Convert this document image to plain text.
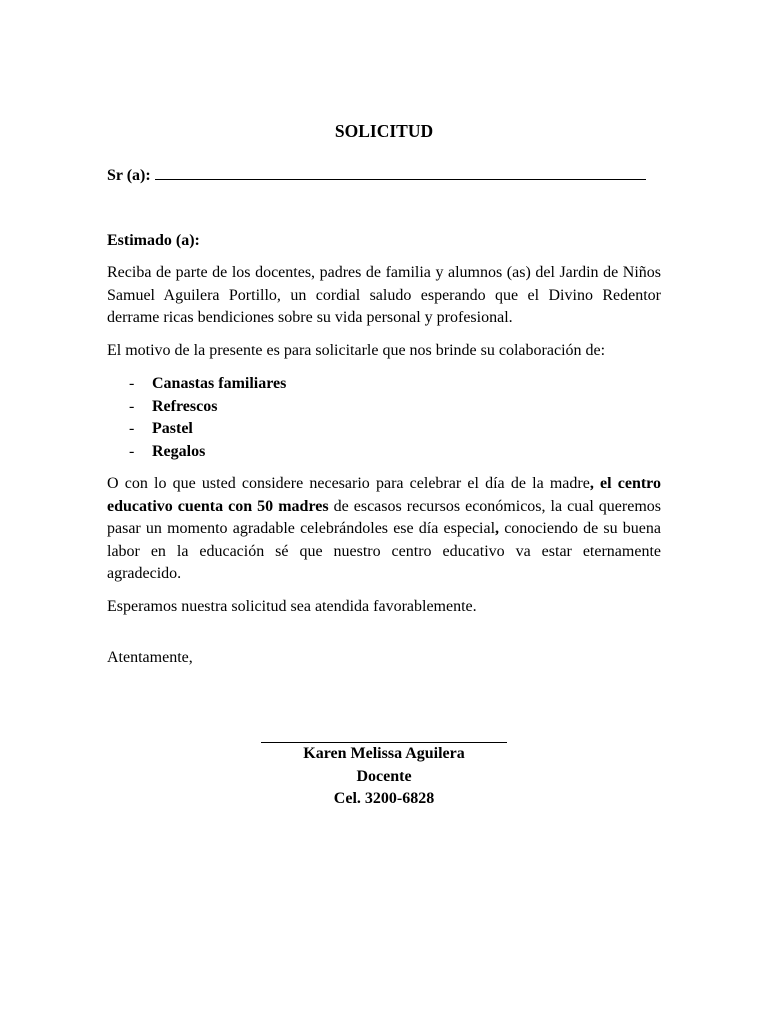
SOLICITUD
Sr (a):
Estimado (a):
Reciba de parte de los docentes, padres de familia y alumnos (as) del Jardin de Niños Samuel Aguilera Portillo, un cordial saludo esperando que el Divino Redentor derrame ricas bendiciones sobre su vida personal y profesional.
El motivo de la presente es para solicitarle que nos brinde su colaboración de:
- Canastas familiares
- Refrescos
- Pastel
- Regalos
O con lo que usted considere necesario para celebrar el día de la madre, el centro educativo cuenta con 50 madres de escasos recursos económicos, la cual queremos pasar un momento agradable celebrándoles ese día especial, conociendo de su buena labor en la educación sé que nuestro centro educativo va estar eternamente agradecido.
Esperamos nuestra solicitud sea atendida favorablemente.
Atentamente,
Karen Melissa Aguilera
Docente
Cel. 3200-6828
